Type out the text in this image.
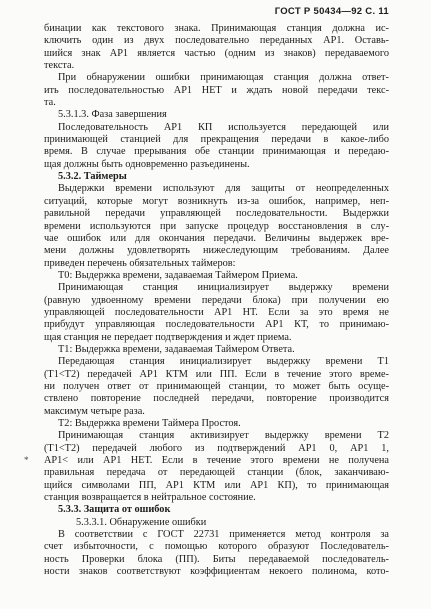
ГОСТ Р 50434—92 С. 11
бинации как текстового знака. Принимающая станция должна ис-
ключить один из двух последовательно переданных АР1. Оставь-
шийся знак АР1 является частью (одним из знаков) передаваемого
текста.
При обнаружении ошибки принимающая станция должна ответ-
ить последовательностью АР1 НЕТ и ждать новой передачи текс-
та.
5.3.1.3. Фаза завершения
Последовательность АР1 КП используется передающей или
принимающей станцией для прекращения передачи в какое-либо
время. В случае прерывания обе станции принимающая и передаю-
щая должны быть одновременно разъединены.
5.3.2. Таймеры
Выдержки времени используют для защиты от неопределенных
ситуаций, которые могут возникнуть из-за ошибок, например, неп-
равильной передачи управляющей последовательности. Выдержки
времени используются при запуске процедур восстановления в слу-
чае ошибок или для окончания передачи. Величины выдержек вре-
мени должны удовлетворять нижеследующим требованиям. Далее
приведен перечень обязательных таймеров:
Т0: Выдержка времени, задаваемая Таймером Приема.
Принимающая станция инициализирует выдержку времени
(равную удвоенному времени передачи блока) при получении ею
управляющей последовательности АР1 НТ. Если за это время не
прибудут управляющая последовательности АР1 КТ, то принимаю-
щая станция не передает подтверждения и ждет приема.
Т1: Выдержка времени, задаваемая Таймером Ответа.
Передающая станция инициализирует выдержку времени Т1
(Т1<Т2) передачей АР1 КТМ или ПП. Если в течение этого време-
ни получен ответ от принимающей станции, то может быть осущe-
ствлено повторение последней передачи, повторение производится
максимум четыре раза.
Т2: Выдержка времени Таймера Простоя.
Принимающая станция активизирует выдержку времени Т2
(Т1<Т2) передачей любого из подтверждений АР1 0, АР1 1,
АР1< или АР1 НЕТ. Если в течение этого времени не получена
правильная передача от передающей станции (блок, заканчиваю-
щийся символами ПП, АР1 КТМ или АР1 КП), то принимающая
станция возвращается в нейтральное состояние.
5.3.3. Защита от ошибок
5.3.3.1. Обнаружение ошибки
В соответствии с ГОСТ 22731 применяется метод контроля за
счет избыточности, с помощью которого образуют Последователь-
ность Проверки блока (ПП). Биты передаваемой последователь-
ности знаков соответствуют коэффициентам некоего полинома, кото-
*
